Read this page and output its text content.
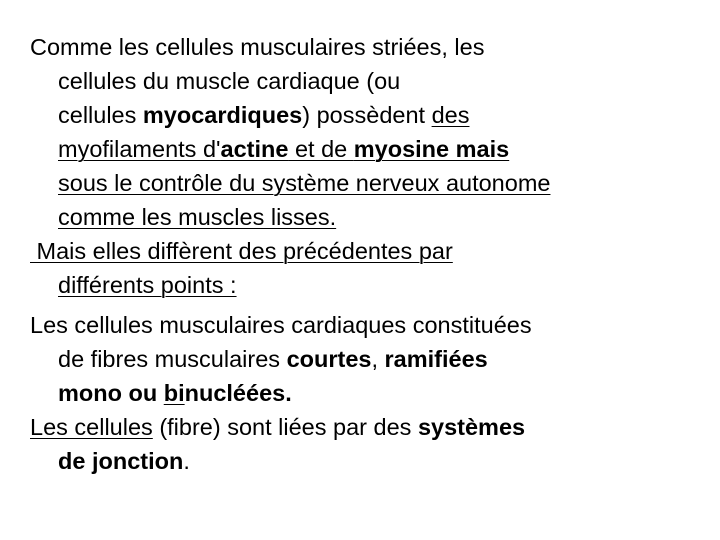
Comme les cellules musculaires striées, les
cellules du muscle cardiaque (ou
cellules myocardiques) possèdent des
myofilaments d'actine et de myosine mais
sous le contrôle du système nerveux autonome
comme les muscles lisses.
Mais elles diffèrent des précédentes par
différents points :
Les cellules musculaires cardiaques constituées
de fibres musculaires courtes, ramifiées
mono ou binucléées.
Les cellules (fibre) sont liées par des systèmes
de jonction.
